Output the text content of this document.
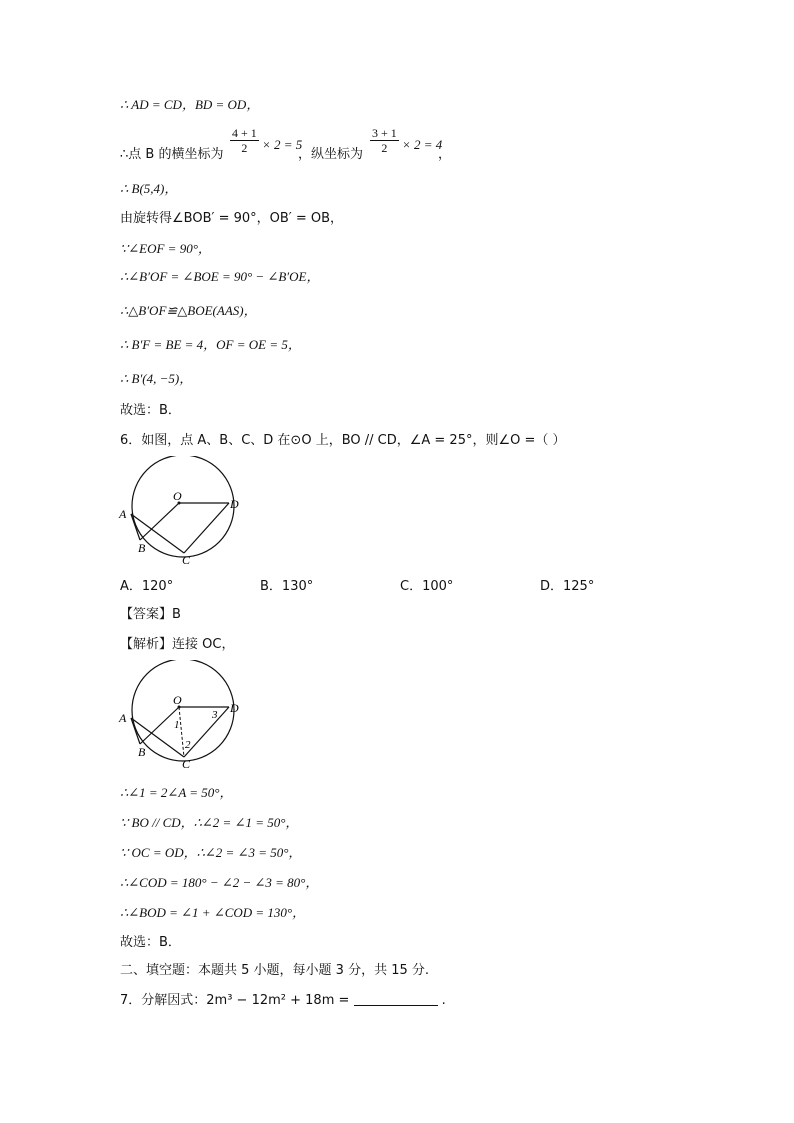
∴ AD = CD，BD = OD，
∴点 B 的横坐标为 $\frac{4 + 1}{2} \times 2 = 5$
，纵坐标为 $\frac{3 + 1}{2} \times 2 = 4$
，
∴ B(5,4)，
由旋转得∠BOB′ = 90°，OB′ = OB，
∵∠EOF = 90°，
∴∠B′OF = ∠BOE = 90° − ∠B′OE，
∴△B′OF≌△BOE(AAS)，
∴ B′F = BE = 4，OF = OE = 5，
∴ B′(4, −5)，
故选：B．
6．如图，点 A、B、C、D 在⊙O 上，BO // CD，∠A = 25°，则∠O =（ ）
O
A
B
C
D
A．120°	B．130°	C．100°	D．125°
【答案】B
【解析】连接 OC，
O
A
B
C
D
1
2
3
∴∠1 = 2∠A = 50°，
∵ BO // CD，∴∠2 = ∠1 = 50°，
∵ OC = OD，∴∠2 = ∠3 = 50°，
∴∠COD = 180° − ∠2 − ∠3 = 80°，
∴∠BOD = ∠1 + ∠COD = 130°，
故选：B．
二、填空题：本题共 5 小题，每小题 3 分，共 15 分.
7．分解因式：2m³ − 12m² + 18m =	.
